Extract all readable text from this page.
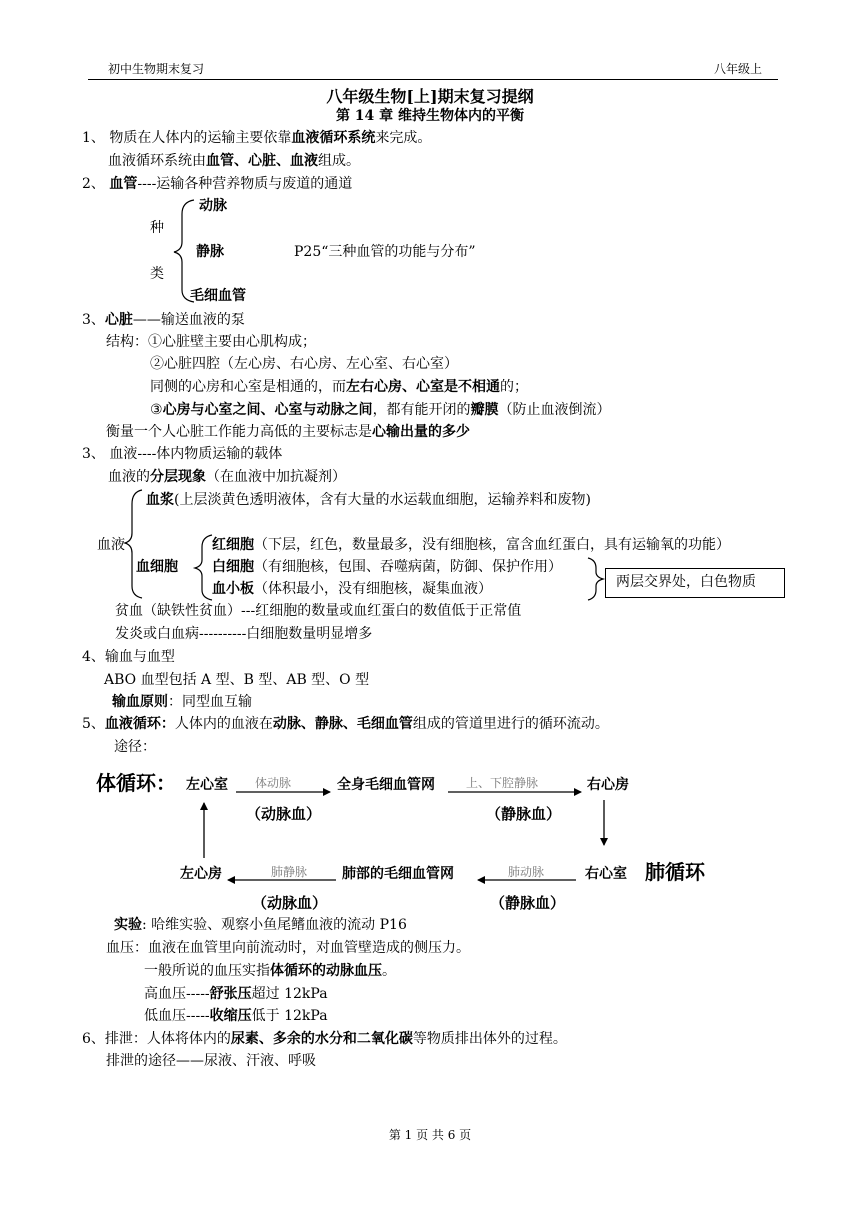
初中生物期末复习	八年级上
八年级生物[上]期末复习提纲
第 14 章 维持生物体内的平衡
1、 物质在人体内的运输主要依靠血液循环系统来完成。
血液循环系统由血管、心脏、血液组成。
2、 血管----运输各种营养物质与废道的通道
种
类
动脉
静脉	P25“三种血管的功能与分布”
毛细血管
3、心脏——输送血液的泵
结构：①心脏壁主要由心肌构成；
②心脏四腔（左心房、右心房、左心室、右心室）
同侧的心房和心室是相通的，而左右心房、心室是不相通的；
③心房与心室之间、心室与动脉之间，都有能开闭的瓣膜（防止血液倒流）
衡量一个人心脏工作能力高低的主要标志是心输出量的多少
3、 血液----体内物质运输的载体
血液的分层现象（在血液中加抗凝剂）
血浆(上层淡黄色透明液体，含有大量的水运载血细胞，运输养料和废物)
血液
血细胞
红细胞（下层，红色，数量最多，没有细胞核，富含血红蛋白，具有运输氧的功能）
白细胞（有细胞核，包围、吞噬病菌，防御、保护作用）
血小板（体积最小，没有细胞核，凝集血液）	两层交界处，白色物质
贫血（缺铁性贫血）---红细胞的数量或血红蛋白的数值低于正常值
发炎或白血病----------白细胞数量明显增多
4、输血与血型
ABO 血型包括 A 型、B 型、AB 型、O 型
输血原则：同型血互输
5、血液循环：人体内的血液在动脉、静脉、毛细血管组成的管道里进行的循环流动。
途径：
体循环： 左心室 体动脉	全身毛细血管网	上、下腔静脉	右心房
（动脉血）	（静脉血）
左心房	肺静脉 肺部的毛细血管网	肺动脉	右心室 肺循环
（动脉血）	（静脉血）
实验: 哈维实验、观察小鱼尾鳍血液的流动 P16
血压：血液在血管里向前流动时，对血管壁造成的侧压力。
一般所说的血压实指体循环的动脉血压。
高血压-----舒张压超过 12kPa
低血压-----收缩压低于 12kPa
6、排泄：人体将体内的尿素、多余的水分和二氧化碳等物质排出体外的过程。
排泄的途径——尿液、汗液、呼吸
第 1 页 共 6 页
